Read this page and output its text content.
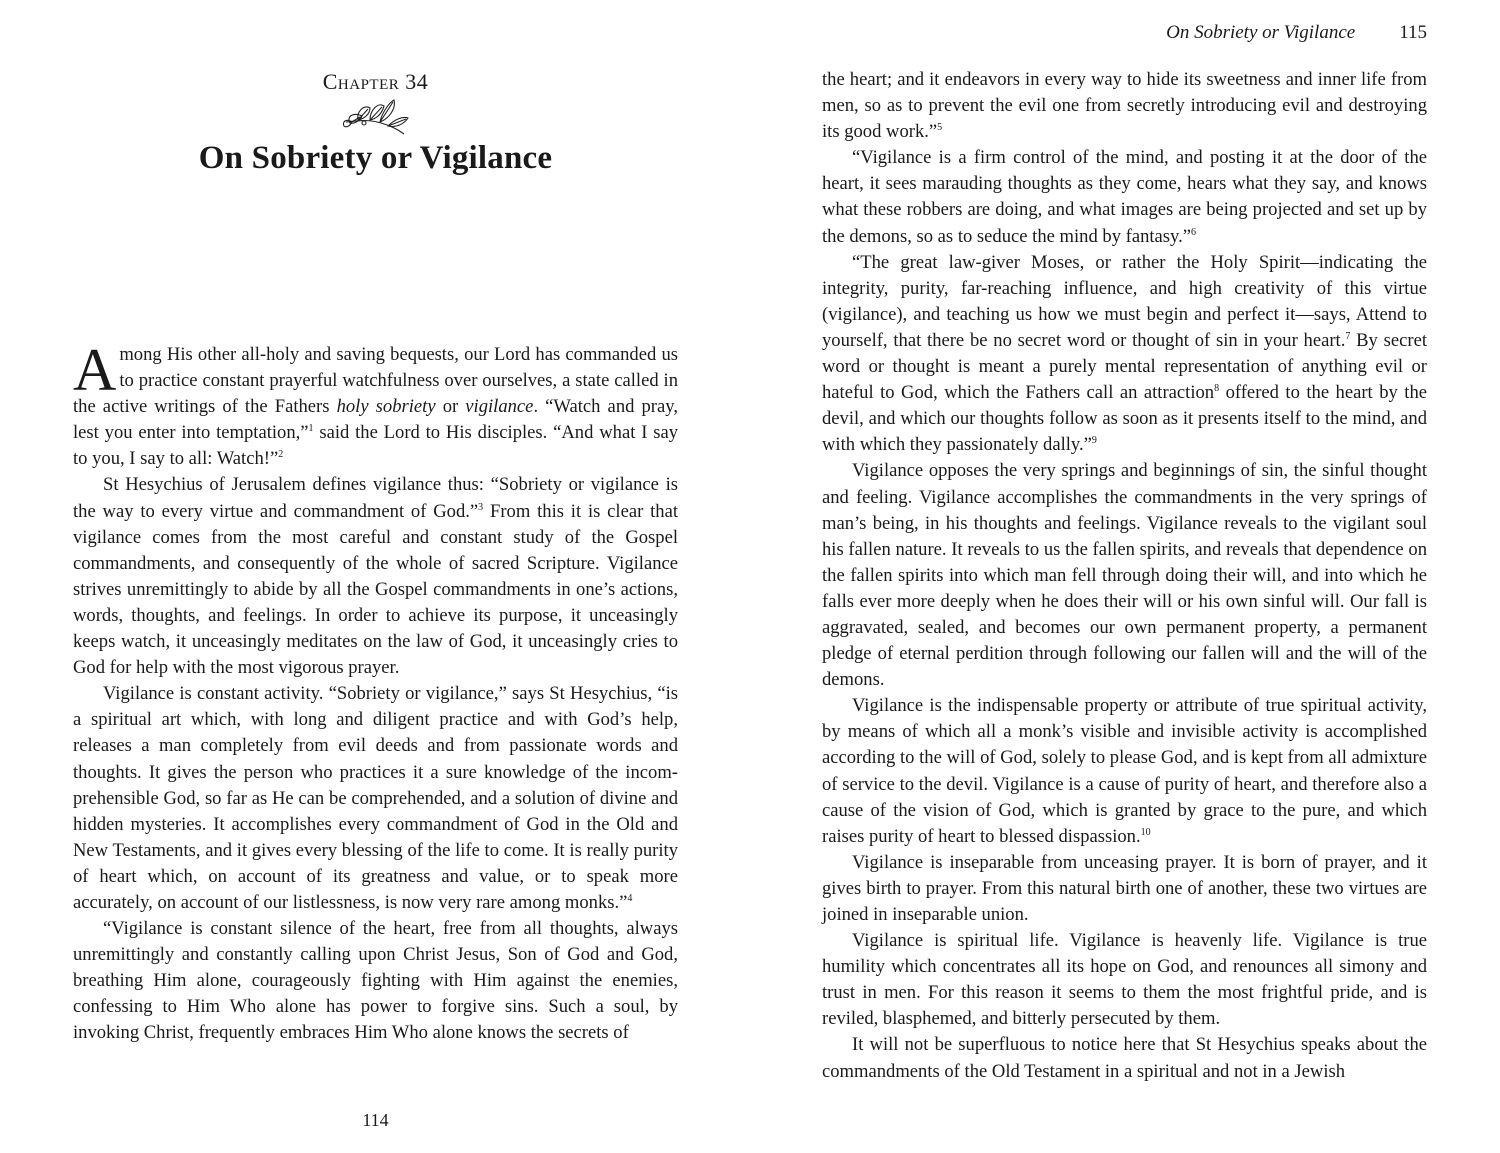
Chapter 34
On Sobriety or Vigilance

Among His other all-holy and saving bequests, our Lord has commanded us to practice constant prayerful watchfulness over ourselves, a state called in the active writings of the Fathers holy sobriety or vigilance. “Watch and pray, lest you enter into temptation,”$^1$ said the Lord to His disciples. “And what I say to you, I say to all: Watch!”$^2$

St Hesychius of Jerusalem defines vigilance thus: “Sobriety or vigilance is the way to every virtue and commandment of God.”$^3$ From this it is clear that vigilance comes from the most careful and constant study of the Gospel commandments, and consequently of the whole of sacred Scripture. Vigilance strives unremittingly to abide by all the Gospel commandments in one’s actions, words, thoughts, and feelings. In order to achieve its purpose, it unceasingly keeps watch, it unceasingly meditates on the law of God, it unceasingly cries to God for help with the most vigorous prayer.

Vigilance is constant activity. “Sobriety or vigilance,” says St Hesychius, “is a spiritual art which, with long and diligent practice and with God’s help, releases a man completely from evil deeds and from passionate words and thoughts. It gives the person who practices it a sure knowledge of the incomprehensible God, so far as He can be comprehended, and a solution of divine and hidden mysteries. It accomplishes every commandment of God in the Old and New Testaments, and it gives every blessing of the life to come. It is really purity of heart which, on account of its greatness and value, or to speak more accurately, on account of our listlessness, is now very rare among monks.”$^4$

“Vigilance is constant silence of the heart, free from all thoughts, always unremittingly and constantly calling upon Christ Jesus, Son of God and God, breathing Him alone, courageously fighting with Him against the enemies, confessing to Him Who alone has power to forgive sins. Such a soul, by invoking Christ, frequently embraces Him Who alone knows the secrets of

114
On Sobriety or Vigilance 115

the heart; and it endeavors in every way to hide its sweetness and inner life from men, so as to prevent the evil one from secretly introducing evil and destroying its good work.”$^5$

“Vigilance is a firm control of the mind, and posting it at the door of the heart, it sees marauding thoughts as they come, hears what they say, and knows what these robbers are doing, and what images are being projected and set up by the demons, so as to seduce the mind by fantasy.”$^6$

“The great law-giver Moses, or rather the Holy Spirit—indicating the integrity, purity, far-reaching influence, and high creativity of this virtue (vigilance), and teaching us how we must begin and perfect it—says, Attend to yourself, that there be no secret word or thought of sin in your heart.$^7$ By secret word or thought is meant a purely mental representation of anything evil or hateful to God, which the Fathers call an attraction$^8$ offered to the heart by the devil, and which our thoughts follow as soon as it presents itself to the mind, and with which they passionately dally.”$^9$

Vigilance opposes the very springs and beginnings of sin, the sinful thought and feeling. Vigilance accomplishes the commandments in the very springs of man’s being, in his thoughts and feelings. Vigilance reveals to the vigilant soul his fallen nature. It reveals to us the fallen spirits, and reveals that dependence on the fallen spirits into which man fell through doing their will, and into which he falls ever more deeply when he does their will or his own sinful will. Our fall is aggravated, sealed, and becomes our own permanent property, a permanent pledge of eternal perdition through following our fallen will and the will of the demons.

Vigilance is the indispensable property or attribute of true spiritual activity, by means of which all a monk’s visible and invisible activity is accomplished according to the will of God, solely to please God, and is kept from all admixture of service to the devil. Vigilance is a cause of purity of heart, and therefore also a cause of the vision of God, which is granted by grace to the pure, and which raises purity of heart to blessed dispassion.$^{10}$

Vigilance is inseparable from unceasing prayer. It is born of prayer, and it gives birth to prayer. From this natural birth one of another, these two virtues are joined in inseparable union.

Vigilance is spiritual life. Vigilance is heavenly life. Vigilance is true humility which concentrates all its hope on God, and renounces all simony and trust in men. For this reason it seems to them the most frightful pride, and is reviled, blasphemed, and bitterly persecuted by them.

It will not be superfluous to notice here that St Hesychius speaks about the commandments of the Old Testament in a spiritual and not in a Jewish
